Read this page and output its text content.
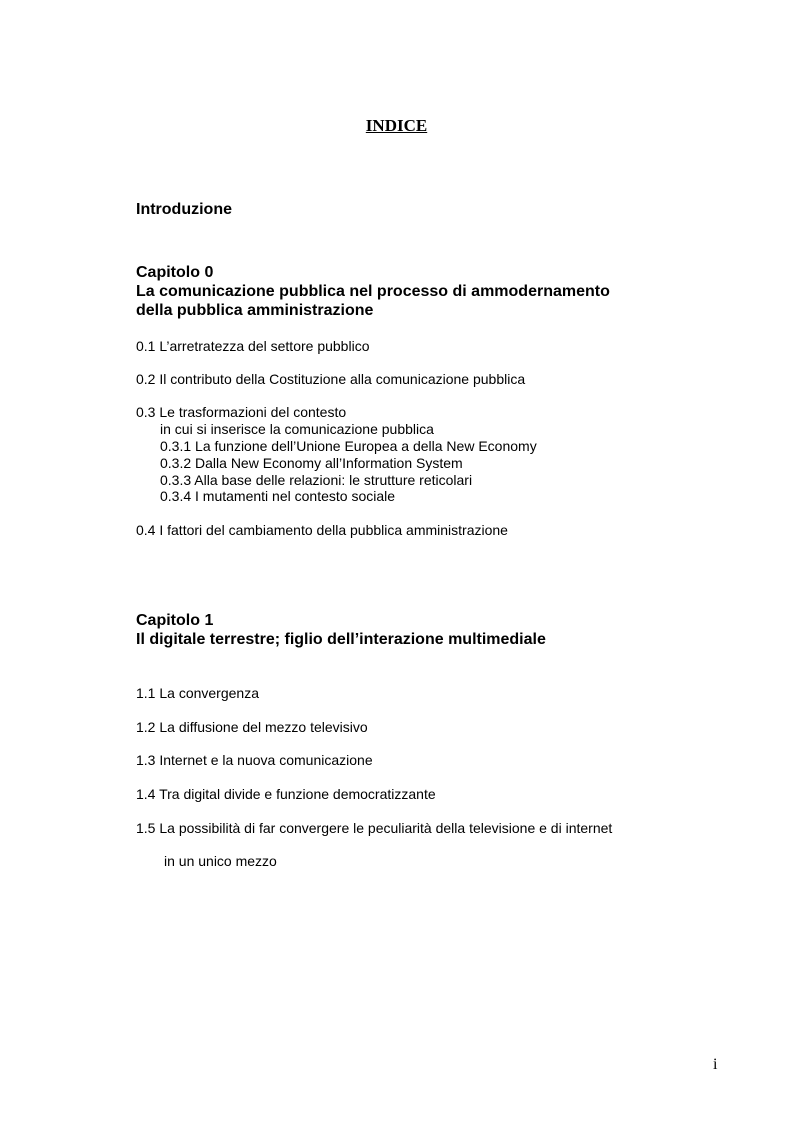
INDICE
Introduzione
Capitolo 0
La comunicazione pubblica nel processo di ammodernamento
della pubblica amministrazione
0.1 L’arretratezza del settore pubblico
0.2 Il contributo della Costituzione alla comunicazione pubblica
0.3 Le trasformazioni del contesto
in cui si inserisce la comunicazione pubblica
0.3.1 La funzione dell’Unione Europea a della New Economy
0.3.2 Dalla New Economy all’Information System
0.3.3 Alla base delle relazioni: le strutture reticolari
0.3.4 I mutamenti nel contesto sociale
0.4 I fattori del cambiamento della pubblica amministrazione
Capitolo 1
Il digitale terrestre; figlio dell’interazione multimediale
1.1 La convergenza
1.2 La diffusione del mezzo televisivo
1.3 Internet e la nuova comunicazione
1.4 Tra digital divide e funzione democratizzante
1.5 La possibilità di far convergere le peculiarità della televisione e di internet
in un unico mezzo
i
